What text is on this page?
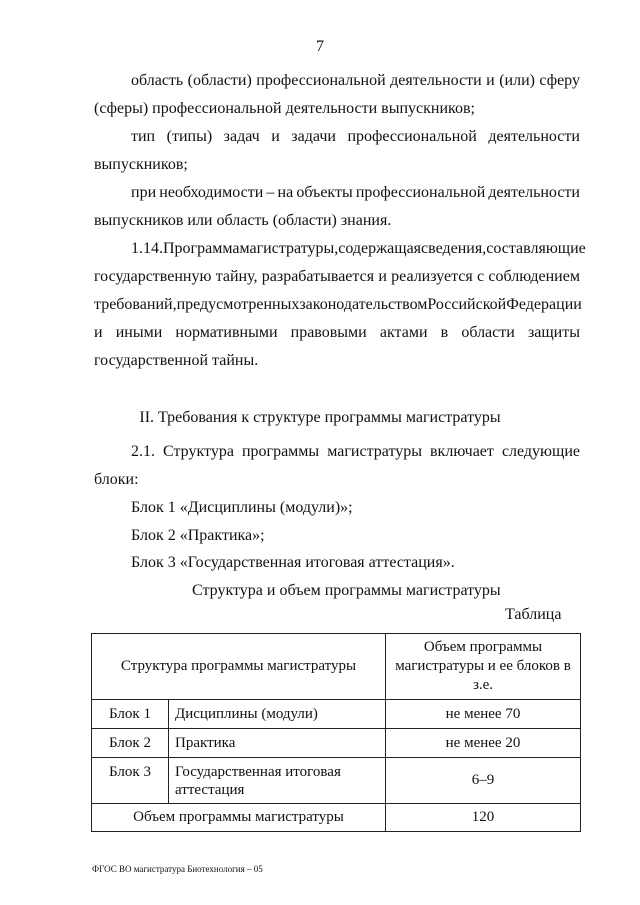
7
область (области) профессиональной деятельности и (или) сферу
(сферы) профессиональной деятельности выпускников;
тип (типы) задач и задачи профессиональной деятельности
выпускников;
при необходимости – на объекты профессиональной деятельности
выпускников или область (области) знания.
1.14. Программа магистратуры, содержащая сведения, составляющие
государственную тайну, разрабатывается и реализуется с соблюдением
требований, предусмотренных законодательством Российской Федерации
и иными нормативными правовыми актами в области защиты
государственной тайны.
II. Требования к структуре программы магистратуры
2.1. Структура программы магистратуры включает следующие
блоки:
Блок 1 «Дисциплины (модули)»;
Блок 2 «Практика»;
Блок 3 «Государственная итоговая аттестация».
Структура и объем программы магистратуры
Таблица
Структура программы магистратуры		Объем программы магистратуры и ее блоков в з.е.
Блок 1	Дисциплины (модули)	не менее 70
Блок 2	Практика	не менее 20
Блок 3	Государственная итоговая аттестация	6–9
Объем программы магистратуры		120
ФГОС ВО магистратура Биотехнология – 05
